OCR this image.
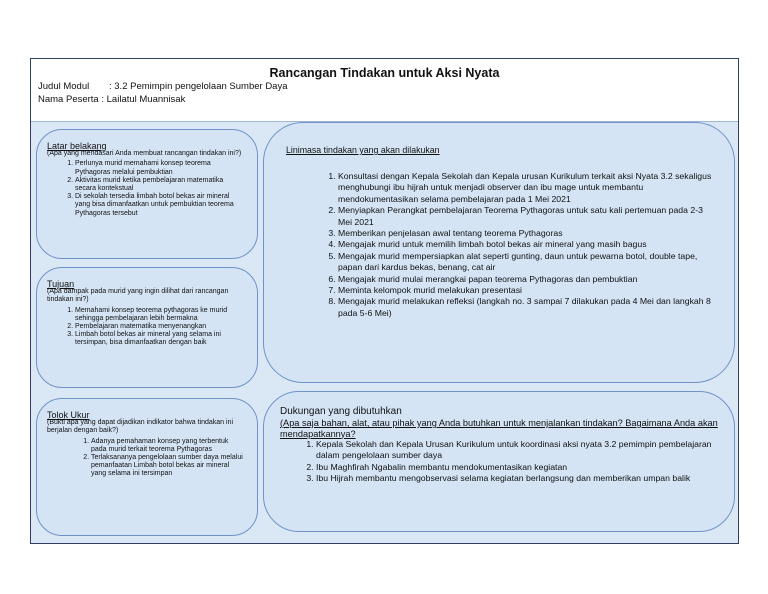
Rancangan Tindakan untuk Aksi Nyata
Judul Modul : 3.2 Pemimpin pengelolaan Sumber Daya
Nama Peserta : Lailatul Muannisak
Latar belakang

(Apa yang mendasari Anda membuat rancangan tindakan ini?)

1. Perlunya murid memahami konsep teorema Pythagoras melalui pembuktian
2. Aktivitas murid ketika pembelajaran matematika secara kontekstual
3. Di sekolah tersedia limbah botol bekas air mineral yang bisa dimanfaatkan untuk pembuktian teorema Pythagoras tersebut
Tujuan

(Apa dampak pada murid yang ingin dilihat dari rancangan tindakan ini?)

1. Memahami konsep teorema pythagoras ke murid sehingga pembelajaran lebih bermakna
2. Pembelajaran matematika menyenangkan
3. Limbah botol bekas air mineral yang selama ini tersimpan, bisa dimanfaatkan dengan baik
Tolok Ukur

(Bukti apa yang dapat dijadikan indikator bahwa tindakan ini berjalan dengan baik?)

1. Adanya pemahaman konsep yang terbentuk pada murid terkait teorema Pythagoras
2. Terlaksananya pengelolaan sumber daya melalui pemanfaatan Limbah botol bekas air mineral yang selama ini tersimpan
Linimasa tindakan yang akan dilakukan
1. Konsultasi dengan Kepala Sekolah dan Kepala urusan Kurikulum terkait aksi Nyata 3.2 sekaligus menghubungi ibu hijrah untuk menjadi observer dan ibu mage untuk membantu mendokumentasikan selama pembelajaran pada 1 Mei 2021
2. Menyiapkan Perangkat pembelajaran Teorema Pythagoras untuk satu kali pertemuan pada 2-3 Mei 2021
3. Memberikan penjelasan awal tentang teorema Pythagoras
4. Mengajak murid untuk memilih limbah botol bekas air mineral yang masih bagus
5. Mengajak murid mempersiapkan alat seperti gunting, daun untuk pewarna botol, double tape, papan dari kardus bekas, benang, cat air
6. Mengajak murid mulai merangkai papan teorema Pythagoras dan pembuktian
7. Meminta kelompok murid melakukan presentasi
8. Mengajak murid melakukan refleksi (langkah no. 3 sampai 7 dilakukan pada 4 Mei dan langkah 8 pada 5-6 Mei)
Dukungan yang dibutuhkan

(Apa saja bahan, alat, atau pihak yang Anda butuhkan untuk menjalankan tindakan? Bagaimana Anda akan mendapatkannya?

1. Kepala Sekolah dan Kepala Urusan Kurikulum untuk koordinasi aksi nyata 3.2 pemimpin pembelajaran dalam pengelolaan sumber daya
2. Ibu Maghfirah Ngabalin membantu mendokumentasikan kegiatan
3. Ibu Hijrah membantu mengobservasi selama kegiatan berlangsung dan memberikan umpan balik
